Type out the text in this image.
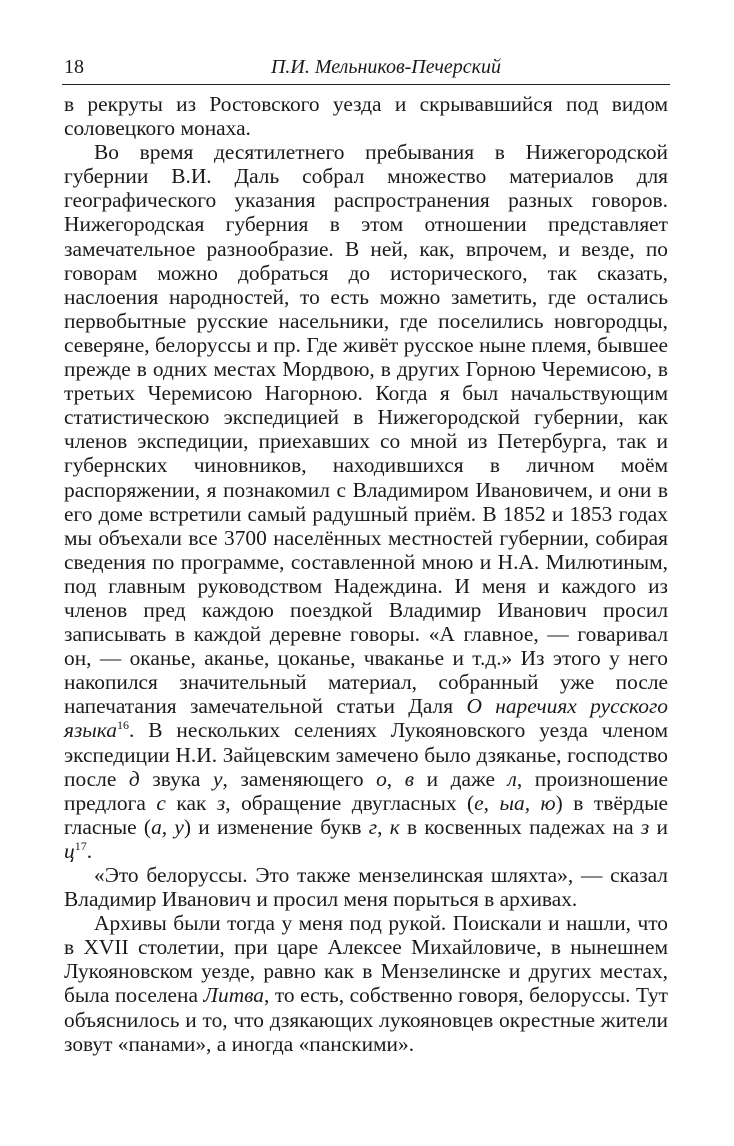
18	П.И. Мельников-Печерский

в рекруты из Ростовского уезда и скрывавшийся под видом соловецкого монаха.

Во время десятилетнего пребывания в Нижегородской губернии В.И. Даль собрал множество материалов для географического указания распространения разных говоров. Нижегородская губерния в этом отношении представляет замечательное разнообразие. В ней, как, впрочем, и везде, по говорам можно добраться до исторического, так сказать, наслоения народностей, то есть можно заметить, где остались первобытные русские насельники, где поселились новгородцы, северяне, белоруссы и пр. Где живёт русское ныне племя, бывшее прежде в одних местах Мордвою, в других Горною Черемисою, в третьих Черемисою Нагорною. Когда я был начальствующим статистическою экспедицией в Нижегородской губернии, как членов экспедиции, приехавших со мной из Петербурга, так и губернских чиновников, находившихся в личном моём распоряжении, я познакомил с Владимиром Ивановичем, и они в его доме встретили самый радушный приём. В 1852 и 1853 годах мы объехали все 3700 населённых местностей губернии, собирая сведения по программе, составленной мною и Н.А. Милютиным, под главным руководством Надеждина. И меня и каждого из членов пред каждою поездкой Владимир Иванович просил записывать в каждой деревне говоры. «А главное, — говаривал он, — оканье, аканье, цоканье, чваканье и т.д.» Из этого у него накопился значительный материал, собранный уже после напечатания замечательной статьи Даля О наречиях русского языка$^{16}$. В нескольких селениях Лукояновского уезда членом экспедиции Н.И. Зайцевским замечено было дзяканье, господство после д звука у, заменяющего о, в и даже л, произношение предлога с как з, обращение двугласных (е, ыа, ю) в твёрдые гласные (а, у) и изменение букв г, к в косвенных падежах на з и $ц^{17}$.

«Это белоруссы. Это также мензелинская шляхта», — сказал Владимир Иванович и просил меня порыться в архивах.

Архивы были тогда у меня под рукой. Поискали и нашли, что в XVII столетии, при царе Алексее Михайловиче, в нынешнем Лукояновском уезде, равно как в Мензелинске и других местах, была поселена Литва, то есть, собственно говоря, белоруссы. Тут объяснилось и то, что дзякающих лукояновцев окрестные жители зовут «панами», а иногда «панскими».
